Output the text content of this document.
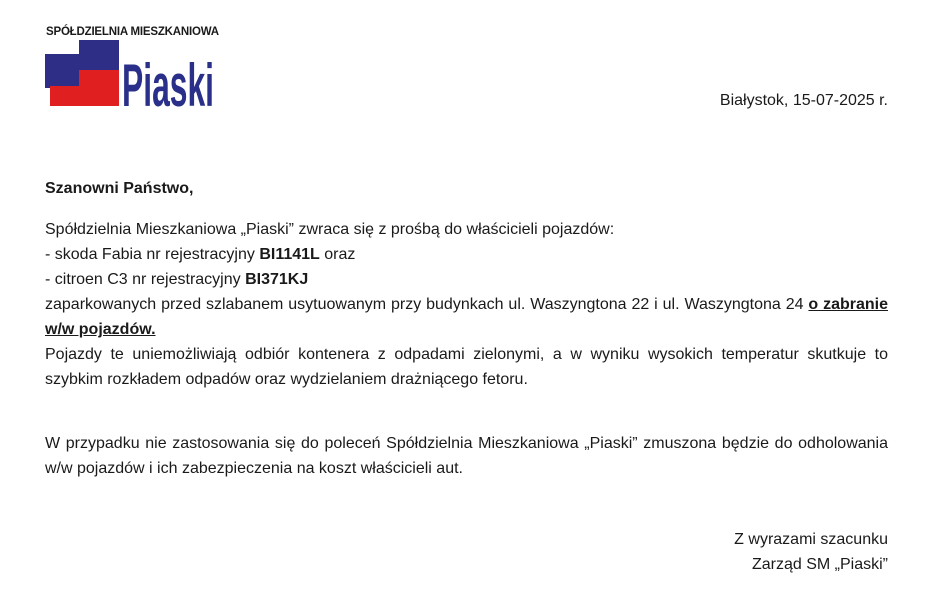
SPÓŁDZIELNIA MIESZKANIOWA
Piaski	Białystok, 15-07-2025 r.
Szanowni Państwo,
Spółdzielnia Mieszkaniowa „Piaski” zwraca się z prośbą do właścicieli pojazdów:
- skoda Fabia nr rejestracyjny BI1141L oraz
- citroen C3 nr rejestracyjny BI371KJ
zaparkowanych przed szlabanem usytuowanym przy budynkach ul. Waszyngtona 22 i ul. Waszyngtona 24 o zabranie w/w pojazdów.
Pojazdy te uniemożliwiają odbiór kontenera z odpadami zielonymi, a w wyniku wysokich temperatur skutkuje to szybkim rozkładem odpadów oraz wydzielaniem drażniącego fetoru.
W przypadku nie zastosowania się do poleceń Spółdzielnia Mieszkaniowa „Piaski” zmuszona będzie do odholowania w/w pojazdów i ich zabezpieczenia na koszt właścicieli aut.
Z wyrazami szacunku
Zarząd SM „Piaski”
